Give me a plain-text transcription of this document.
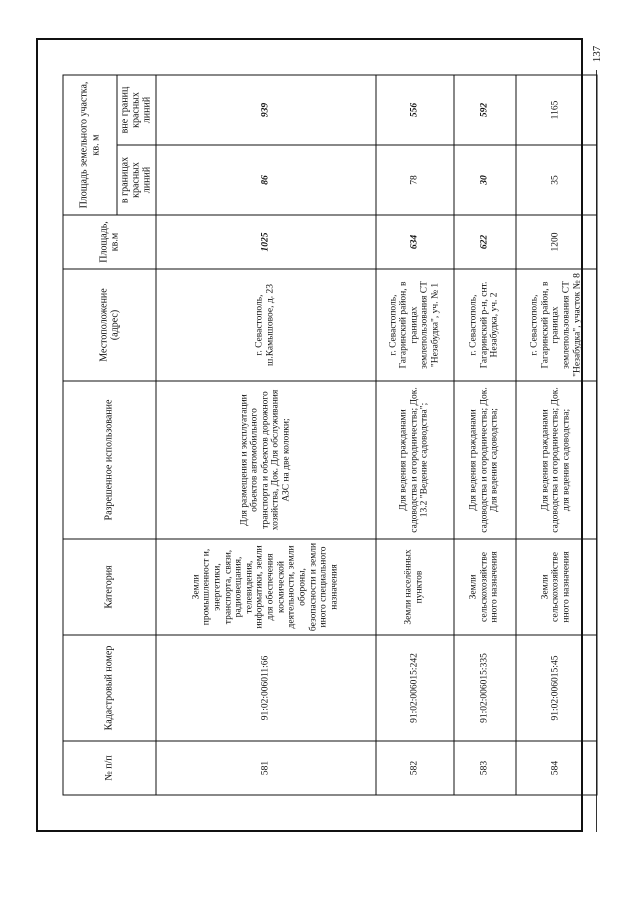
137
№ п/п	Кадастровый номер	Категория	Разрешенное использование	Местоположение (адрес)	Площадь, кв.м	Площадь земельного участка, кв. м	
						в границах красных линий	вне границ красных линий
581	91:02:006011:66	Земли промышленност и, энергетики, транспорта, связи, радиовещания, телевидения, информатики, земли для обеспечения космической деятельности, земли обороны, безопасности и земли иного специального назначения	Для размещения и эксплуатации объектов автомобильного транспорта и объектов дорожного хозяйства, Док. Для обслуживания АЗС на две колонки;	г. Севастополь, ш.Камышовое, д. 23	1025	86	939
582	91:02:006015:242	Земли населённых пунктов	Для ведения гражданами садоводства и огородничества; Док. 13.2 "Ведение садоводства";	г. Севастополь, Гагаринский район, в границах землепользования СТ "Незабудка", уч. № 1	634	78	556
583	91:02:006015:335	Земли сельскохозяйстве нного назначения	Для ведения гражданами садоводства и огородничества; Док. Для ведения садоводства;	г. Севастополь, Гагаринский р-н, снт. Незабудка, уч. 2	622	30	592
584	91:02:006015:45	Земли сельскохозяйстве нного назначения	Для ведения гражданами садоводства и огородничества; Док. для ведения садоводства;	г. Севастополь, Гагаринский район, в границах землепользования СТ "Незабудка", участок № 8	1200	35	1165
